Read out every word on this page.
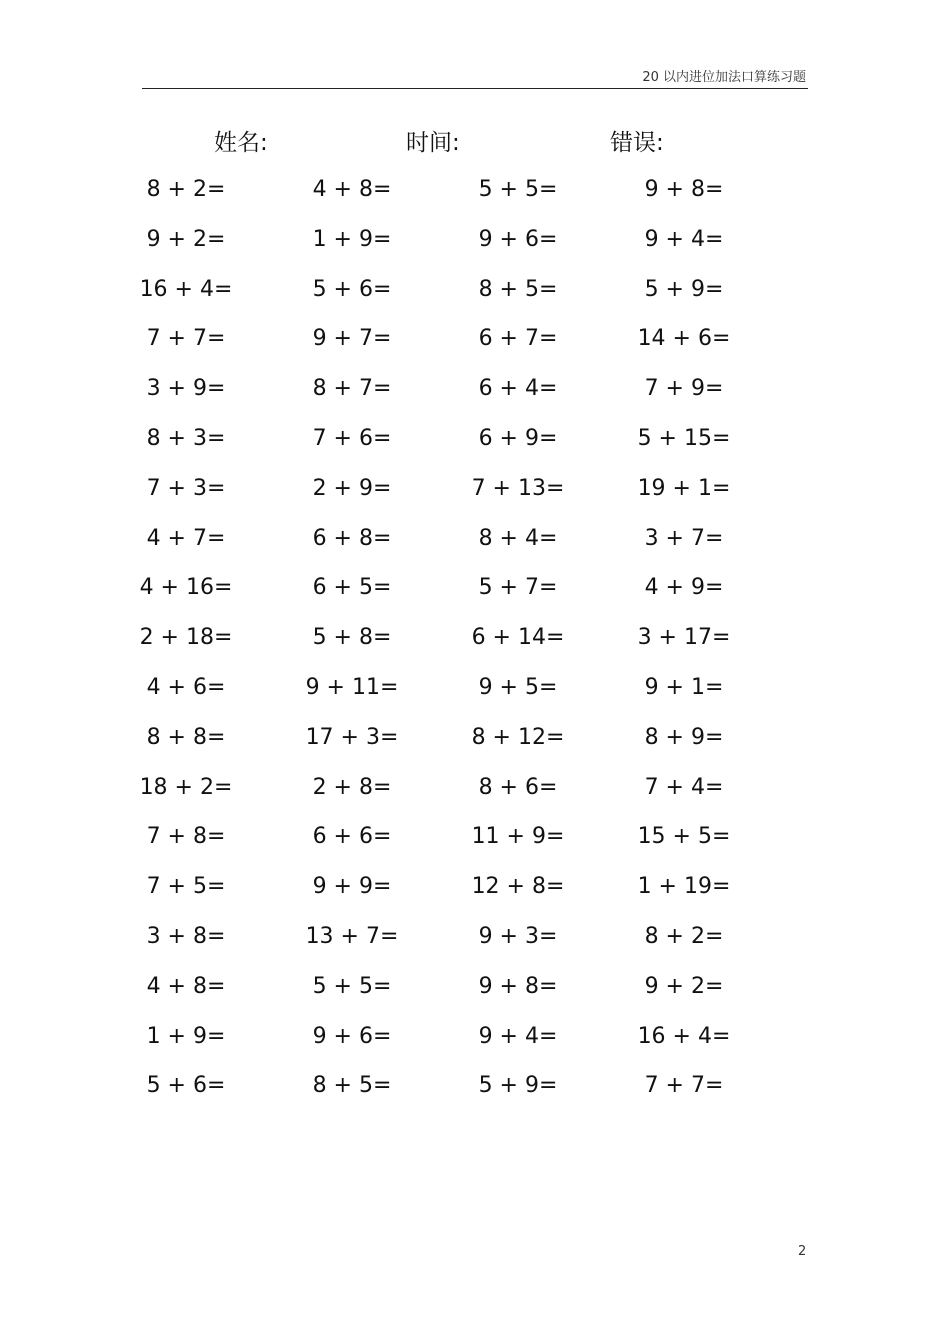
20 以内进位加法口算练习题
姓名:	时间:	错误:
8 + 2=	4 + 8=	5 + 5=	9 + 8=
9 + 2=	1 + 9=	9 + 6=	9 + 4=
16 + 4=	5 + 6=	8 + 5=	5 + 9=
7 + 7=	9 + 7=	6 + 7=	14 + 6=
3 + 9=	8 + 7=	6 + 4=	7 + 9=
8 + 3=	7 + 6=	6 + 9=	5 + 15=
7 + 3=	2 + 9=	7 + 13=	19 + 1=
4 + 7=	6 + 8=	8 + 4=	3 + 7=
4 + 16=	6 + 5=	5 + 7=	4 + 9=
2 + 18=	5 + 8=	6 + 14=	3 + 17=
4 + 6=	9 + 11=	9 + 5=	9 + 1=
8 + 8=	17 + 3=	8 + 12=	8 + 9=
18 + 2=	2 + 8=	8 + 6=	7 + 4=
7 + 8=	6 + 6=	11 + 9=	15 + 5=
7 + 5=	9 + 9=	12 + 8=	1 + 19=
3 + 8=	13 + 7=	9 + 3=	8 + 2=
4 + 8=	5 + 5=	9 + 8=	9 + 2=
1 + 9=	9 + 6=	9 + 4=	16 + 4=
5 + 6=	8 + 5=	5 + 9=	7 + 7=
2
